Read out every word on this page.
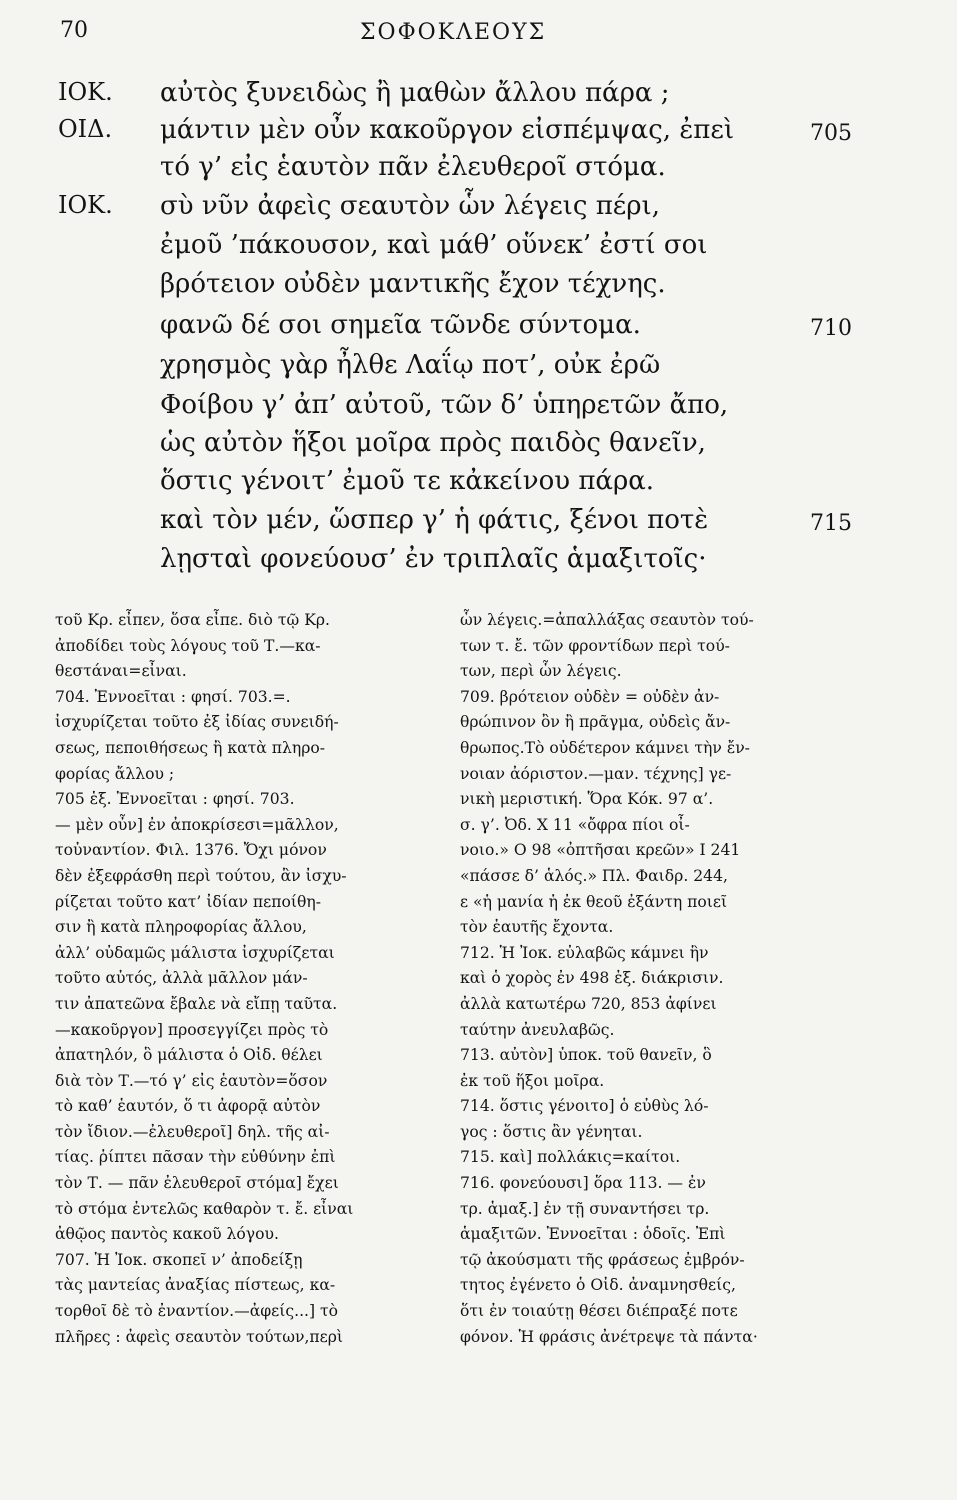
70	ΣΟΦΟΚΛΕΟΥΣ
ΙΟΚ. αὐτὸς ξυνειδὼς ἢ μαθὼν ἄλλου πάρα ;
ΟΙΔ. μάντιν μὲν οὖν κακοῦργον εἰσπέμψας, ἐπεὶ	705
τό γ’ εἰς ἑαυτὸν πᾶν ἐλευθεροῖ στόμα.
ΙΟΚ. σὺ νῦν ἀφεὶς σεαυτὸν ὧν λέγεις πέρι,
ἐμοῦ ’πάκουσον, καὶ μάθ’ οὕνεκ’ ἐστί σοι
βρότειον οὐδὲν μαντικῆς ἔχον τέχνης.
φανῶ δέ σοι σημεῖα τῶνδε σύντομα.	710
χρησμὸς γὰρ ἦλθε Λαΐῳ ποτ’, οὐκ ἐρῶ
Φοίβου γ’ ἀπ’ αὐτοῦ, τῶν δ’ ὑπηρετῶν ἄπο,
ὡς αὐτὸν ἥξοι μοῖρα πρὸς παιδὸς θανεῖν,
ὅστις γένοιτ’ ἐμοῦ τε κἀκείνου πάρα.
καὶ τὸν μέν, ὥσπερ γ’ ἡ φάτις, ξένοι ποτὲ	715
λῃσταὶ φονεύουσ’ ἐν τριπλαῖς ἁμαξιτοῖς·
τοῦ Κρ. εἶπεν, ὅσα εἶπε. διὸ τῷ Κρ.
ἀποδίδει τοὺς λόγους τοῦ Τ.—κα-
θεστάναι=εἶναι.
704. Ἐννοεῖται : φησί. 703.=.
ἰσχυρίζεται τοῦτο ἐξ ἰδίας συνειδή-
σεως, πεποιθήσεως ἢ κατὰ πληρο-
φορίας ἄλλου ;
705 ἑξ. Ἐννοεῖται : φησί. 703.
— μὲν οὖν] ἐν ἀποκρίσεσι=μᾶλλον,
τοὐναντίον. Φιλ. 1376. Ὄχι μόνον
δὲν ἐξεφράσθη περὶ τούτου, ἂν ἰσχυ-
ρίζεται τοῦτο κατ’ ἰδίαν πεποίθη-
σιν ἢ κατὰ πληροφορίας ἄλλου,
ἀλλ’ οὐδαμῶς μάλιστα ἰσχυρίζεται
τοῦτο αὐτός, ἀλλὰ μᾶλλον μάν-
τιν ἀπατεῶνα ἔβαλε νὰ εἴπῃ ταῦτα.
—κακοῦργον] προσεγγίζει πρὸς τὸ
ἀπατηλόν, ὃ μάλιστα ὁ Οἰδ. θέλει
διὰ τὸν Τ.—τό γ’ εἰς ἑαυτὸν=ὅσον
τὸ καθ’ ἑαυτόν, ὅ τι ἀφορᾷ αὐτὸν
τὸν ἴδιον.—ἐλευθεροῖ] δηλ. τῆς αἰ-
τίας. ῥίπτει πᾶσαν τὴν εὐθύνην ἐπὶ
τὸν Τ. — πᾶν ἐλευθεροῖ στόμα] ἔχει
τὸ στόμα ἐντελῶς καθαρὸν τ. ἔ. εἶναι
ἀθῷος παντὸς κακοῦ λόγου.
707. Ἡ Ἰοκ. σκοπεῖ ν’ ἀποδείξῃ
τὰς μαντείας ἀναξίας πίστεως, κα-
τορθοῖ δὲ τὸ ἐναντίον.—ἀφείς...] τὸ
πλῆρες : ἀφεὶς σεαυτὸν τούτων,περὶ
ὧν λέγεις.=ἀπαλλάξας σεαυτὸν τού-
των τ. ἔ. τῶν φροντίδων περὶ τού-
των, περὶ ὧν λέγεις.
709. βρότειον οὐδὲν = οὐδὲν ἀν-
θρώπινον ὂν ἢ πρᾶγμα, οὐδεὶς ἄν-
θρωπος.Τὸ οὐδέτερον κάμνει τὴν ἔν-
νοιαν ἀόριστον.—μαν. τέχνης] γε-
νικὴ μεριστική. Ὅρα Κόκ. 97 α’.
σ. γ’. Ὀδ. Χ 11 «ὄφρα πίοι οἶ-
νοιο.» Ο 98 «ὀπτῆσαι κρεῶν» Ι 241
«πάσσε δ’ ἁλός.» Πλ. Φαιδρ. 244,
ε «ἡ μανία ἡ ἐκ θεοῦ ἐξάντη ποιεῖ
τὸν ἑαυτῆς ἔχοντα.
712. Ἡ Ἰοκ. εὐλαβῶς κάμνει ἣν
καὶ ὁ χορὸς ἐν 498 ἑξ. διάκρισιν.
ἀλλὰ κατωτέρω 720, 853 ἀφίνει
ταύτην ἀνευλαβῶς.
713. αὐτὸν] ὑποκ. τοῦ θανεῖν, ὃ
ἐκ τοῦ ἥξοι μοῖρα.
714. ὅστις γένοιτο] ὁ εὐθὺς λό-
γος : ὅστις ἂν γένηται.
715. καὶ] πολλάκις=καίτοι.
716. φονεύουσι] ὅρα 113. — ἐν
τρ. ἁμαξ.] ἐν τῇ συναντήσει τρ.
ἁμαξιτῶν. Ἐννοεῖται : ὁδοῖς. Ἐπὶ
τῷ ἀκούσματι τῆς φράσεως ἐμβρόν-
τητος ἐγένετο ὁ Οἰδ. ἀναμνησθείς,
ὅτι ἐν τοιαύτῃ θέσει διέπραξέ ποτε
φόνον. Ἡ φράσις ἀνέτρεψε τὰ πάντα·
